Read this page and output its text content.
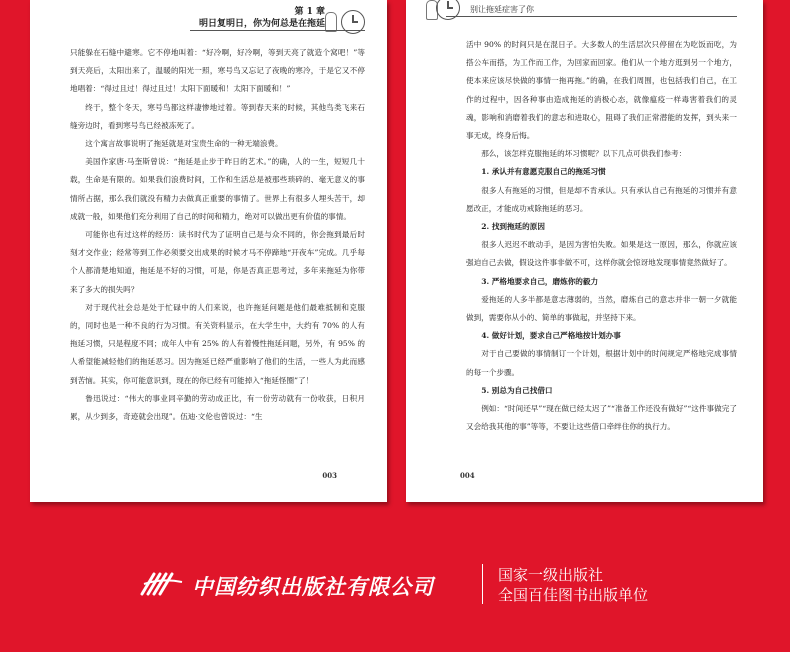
第 1 章
明日复明日，你为何总是在拖延

只能躲在石缝中避寒。它不停地叫着：“好冷啊，好冷啊，等到天亮了就造个窝吧！”等到天亮后，太阳出来了，温暖的阳光一照，寒号鸟又忘记了夜晚的寒冷，于是它又不停地唱着：“得过且过！得过且过！太阳下面暖和！太阳下面暖和！”

终于，整个冬天，寒号鸟都这样凄惨地过着。等到春天来的时候，其他鸟类飞来石缝旁边时，看到寒号鸟已经被冻死了。

这个寓言故事说明了拖延就是对宝贵生命的一种无端浪费。

美国作家唐·马奎斯曾说：“拖延是止步于昨日的艺术。”的确，人的一生，短短几十载，生命是有限的。如果我们浪费时间，工作和生活总是被那些琐碎的、毫无意义的事情所占据，那么我们就没有精力去做真正重要的事情了。世界上有很多人埋头苦干，却成就一般，如果他们充分利用了自己的时间和精力，绝对可以做出更有价值的事情。

可能你也有过这样的经历：读书时代为了证明自己是与众不同的，你会拖到最后时刻才交作业；经常等到工作必须要交出成果的时候才马不停蹄地“开夜车”完成。几乎每个人都清楚地知道，拖延是不好的习惯，可是，你是否真正思考过，多年来拖延为你带来了多大的损失吗？

对于现代社会总是处于忙碌中的人们来说，也许拖延问题是他们最难抵制和克服的，同时也是一种不良的行为习惯。有关资料显示，在大学生中，大约有 70% 的人有拖延习惯，只是程度不同；成年人中有 25% 的人有着慢性拖延问题，另外，有 95% 的人希望能减轻他们的拖延恶习。因为拖延已经严重影响了他们的生活，一些人为此而感到苦恼。其实，你可能意识到，现在的你已经有可能掉入“拖延怪圈”了！

鲁迅说过：“伟大的事业同辛勤的劳动成正比，有一份劳动就有一份收获，日积月累，从少到多，奇迹就会出现”。伍迪·文伦也曾说过：“生

003
别让拖延症害了你

活中 90% 的时间只是在混日子。大多数人的生活层次只停留在为吃饭而吃，为搭公车而搭，为工作而工作，为回家而回家。他们从一个地方逛到另一个地方，使本来应该尽快做的事情一拖再拖。”的确，在我们周围，也包括我们自己，在工作的过程中，因各种事由造成拖延的消极心态，就像瘟疫一样毒害着我们的灵魂，影响和消磨着我们的意志和进取心，阻碍了我们正常潜能的发挥，到头来一事无成，终身后悔。

那么，该怎样克服拖延的坏习惯呢？以下几点可供我们参考：

1. 承认并有意愿克服自己的拖延习惯

很多人有拖延的习惯，但是却不肯承认。只有承认自己有拖延的习惯并有意愿改正，才能成功戒除拖延的恶习。

2. 找到拖延的原因

很多人迟迟不敢动手，是因为害怕失败。如果是这一原因，那么，你就应该强迫自己去做，假设这件事非做不可，这样你就会惊讶地发现事情竟然做好了。

3. 严格地要求自己，磨炼你的毅力

爱拖延的人多半都是意志薄弱的，当然，磨炼自己的意志并非一朝一夕就能做到，需要你从小的、简单的事做起，并坚持下来。

4. 做好计划，要求自己严格地按计划办事

对于自己要做的事情制订一个计划，根据计划中的时间规定严格地完成事情的每一个步骤。

5. 别总为自己找借口

例如：“时间还早”“现在做已经太迟了”“准备工作还没有做好”“这件事做完了又会给我其他的事”等等，不要让这些借口牵绊住你的执行力。

004
中国纺织出版社有限公司	国家一级出版社
全国百佳图书出版单位
